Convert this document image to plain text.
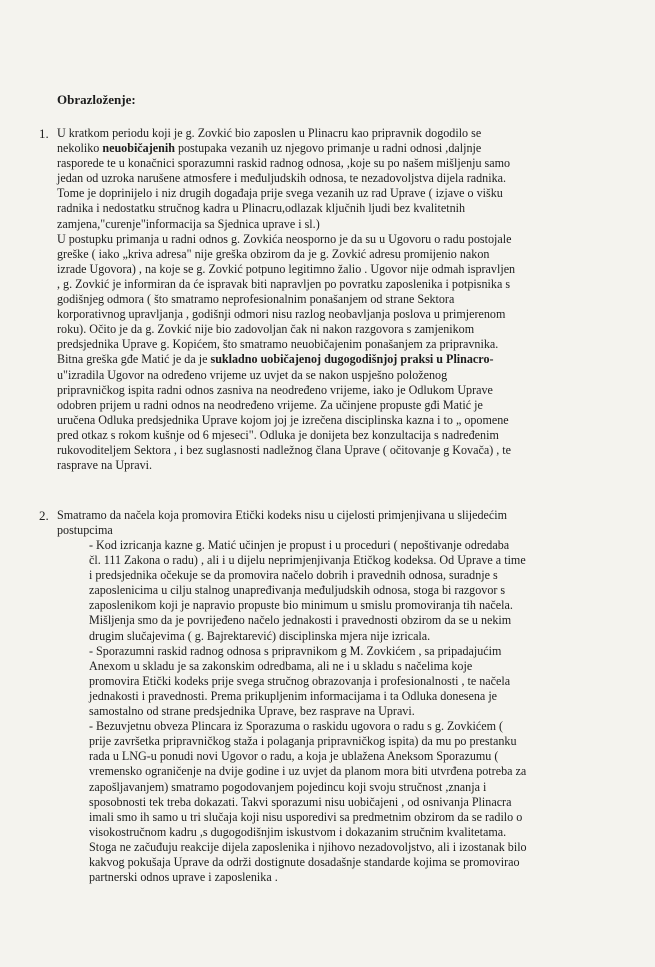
Obrazloženje:
1. U kratkom periodu koji je g. Zovkić bio zaposlen u Plinacru kao pripravnik dogodilo se
nekoliko neuobičajenih postupaka vezanih uz njegovo primanje u radni odnosi ,daljnje
rasporede te u konačnici sporazumni raskid radnog odnosa, ,koje su po našem mišljenju samo
jedan od uzroka narušene atmosfere i međuljudskih odnosa, te nezadovoljstva dijela radnika.
Tome je doprinijelo i niz drugih događaja prije svega vezanih uz rad Uprave ( izjave o višku
radnika i nedostatku stručnog kadra u Plinacru,odlazak ključnih ljudi bez kvalitetnih
zamjena,"curenje"informacija sa Sjednica uprave i sl.)
U postupku primanja u radni odnos g. Zovkića neosporno je da su u Ugovoru o radu postojale
greške ( iako „kriva adresa" nije greška obzirom da je g. Zovkić adresu promijenio nakon
izrade Ugovora) , na koje se g. Zovkić potpuno legitimno žalio . Ugovor nije odmah ispravljen
, g. Zovkić je informiran da će ispravak biti napravljen po povratku zaposlenika i potpisnika s
godišnjeg odmora ( što smatramo neprofesionalnim ponašanjem od strane Sektora
korporativnog upravljanja , godišnji odmori nisu razlog neobavljanja poslova u primjerenom
roku). Očito je da g. Zovkić nije bio zadovoljan čak ni nakon razgovora s zamjenikom
predsjednika Uprave g. Kopićem, što smatramo neuobičajenim ponašanjem za pripravnika.
Bitna greška gđe Matić je da je sukladno uobičajenoj dugogodišnjoj praksi u Plinacro-
u"izradila Ugovor na određeno vrijeme uz uvjet da se nakon uspješno položenog
pripravničkog ispita radni odnos zasniva na neodređeno vrijeme, iako je Odlukom Uprave
odobren prijem u radni odnos na neodređeno vrijeme. Za učinjene propuste gđi Matić je
uručena Odluka predsjednika Uprave kojom joj je izrečena disciplinska kazna i to „ opomene
pred otkaz s rokom kušnje od 6 mjeseci". Odluka je donijeta bez konzultacija s nadređenim
rukovoditeljem Sektora , i bez suglasnosti nadležnog člana Uprave ( očitovanje g Kovača) , te
rasprave na Upravi.
2. Smatramo da načela koja promovira Etički kodeks nisu u cijelosti primjenjivana u slijedećim
postupcima
- Kod izricanja kazne g. Matić učinjen je propust i u proceduri ( nepoštivanje odredaba
čl. 111 Zakona o radu) , ali i u dijelu neprimjenjivanja Etičkog kodeksa. Od Uprave a time
i predsjednika očekuje se da promovira načelo dobrih i pravednih odnosa, suradnje s
zaposlenicima u cilju stalnog unapređivanja međuljudskih odnosa, stoga bi razgovor s
zaposlenikom koji je napravio propuste bio minimum u smislu promoviranja tih načela.
Mišljenja smo da je povrijeđeno načelo jednakosti i pravednosti obzirom da se u nekim
drugim slučajevima ( g. Bajrektarević) disciplinska mjera nije izricala.
- Sporazumni raskid radnog odnosa s pripravnikom g M. Zovkićem , sa pripadajućim
Anexom u skladu je sa zakonskim odredbama, ali ne i u skladu s načelima koje
promovira Etički kodeks prije svega stručnog obrazovanja i profesionalnosti , te načela
jednakosti i pravednosti. Prema prikupljenim informacijama i ta Odluka donesena je
samostalno od strane predsjednika Uprave, bez rasprave na Upravi.
- Bezuvjetnu obveza Plincara iz Sporazuma o raskidu ugovora o radu s g. Zovkićem (
prije završetka pripravničkog staža i polaganja pripravničkog ispita) da mu po prestanku
rada u LNG-u ponudi novi Ugovor o radu, a koja je ublažena Aneksom Sporazumu (
vremensko ograničenje na dvije godine i uz uvjet da planom mora biti utvrđena potreba za
zapošljavanjem) smatramo pogodovanjem pojedincu koji svoju stručnost ,znanja i
sposobnosti tek treba dokazati. Takvi sporazumi nisu uobičajeni , od osnivanja Plinacra
imali smo ih samo u tri slučaja koji nisu usporedivi sa predmetnim obzirom da se radilo o
visokostručnom kadru ,s dugogodišnjim iskustvom i dokazanim stručnim kvalitetama.
Stoga ne začuđuju reakcije dijela zaposlenika i njihovo nezadovoljstvo, ali i izostanak bilo
kakvog pokušaja Uprave da održi dostignute dosadašnje standarde kojima se promovirao
partnerski odnos uprave i zaposlenika .
